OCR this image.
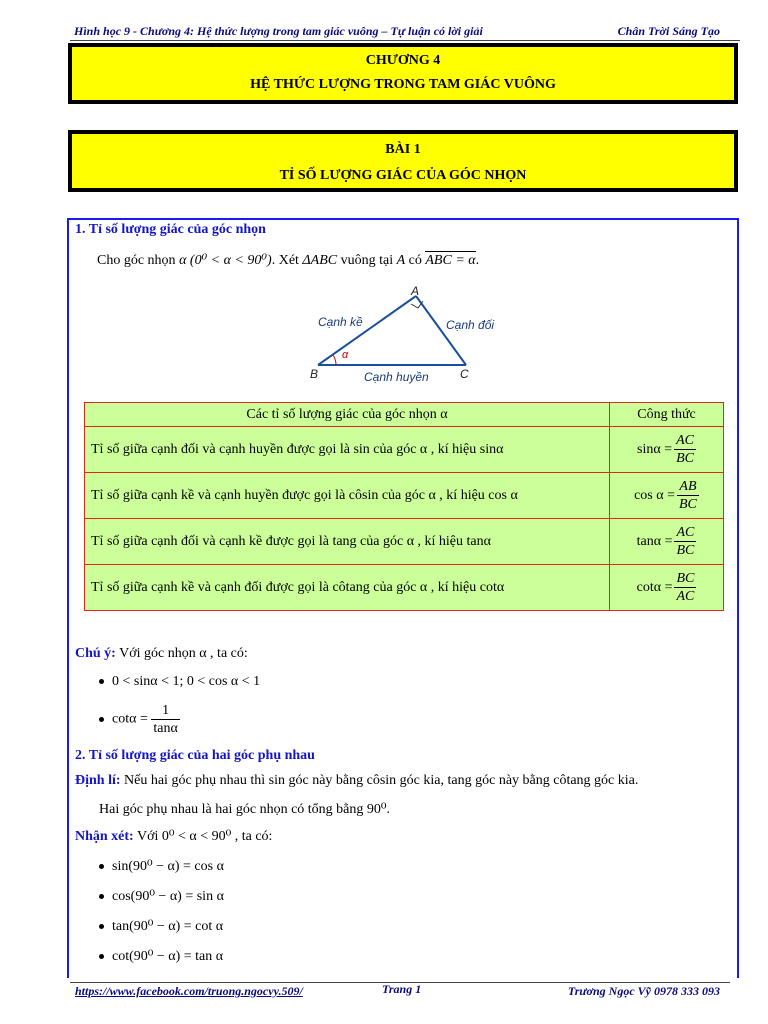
Hình học 9 - Chương 4: Hệ thức lượng trong tam giác vuông – Tự luận có lời giải	Chân Trời Sáng Tạo
CHƯƠNG 4
HỆ THỨC LƯỢNG TRONG TAM GIÁC VUÔNG
BÀI 1
TỈ SỐ LƯỢNG GIÁC CỦA GÓC NHỌN
1. Tỉ số lượng giác của góc nhọn
Cho góc nhọn α (0⁰ < α < 90⁰). Xét ΔABC vuông tại A có ABC = α.
A
B	C
α
Cạnh kề	Cạnh đối
Cạnh huyền
Các tỉ số lượng giác của góc nhọn α	Công thức
Tỉ số giữa cạnh đối và cạnh huyền được gọi là sin của góc α , kí hiệu sinα	$\sin\alpha = \frac{AC}{BC}$

Tỉ số giữa cạnh kề và cạnh huyền được gọi là côsin của góc α , kí hiệu cos α	$\cos \alpha = \frac{AB}{BC}$

Tỉ số giữa cạnh đối và cạnh kề được gọi là tang của góc α , kí hiệu tanα	$\tan\alpha = \frac{AC}{BC}$

Tỉ số giữa cạnh kề và cạnh đối được gọi là côtang của góc α , kí hiệu cotα	$\cot\alpha = \frac{BC}{AC}$
Chú ý: Với góc nhọn α , ta có:
0 < sinα < 1; 0 < cos α < 1
$\cot\alpha = \frac{1}{\tan\alpha}$
2. Tỉ số lượng giác của hai góc phụ nhau
Định lí: Nếu hai góc phụ nhau thì sin góc này bằng côsin góc kia, tang góc này bằng côtang góc kia.
Hai góc phụ nhau là hai góc nhọn có tổng bằng 90⁰.
Nhận xét: Với 0⁰ < α < 90⁰ , ta có:
sin(90⁰ − α) = cos α
cos(90⁰ − α) = sin α
tan(90⁰ − α) = cot α
cot(90⁰ − α) = tan α
https://www.facebook.com/truong.ngocvy.509/	Trang 1	Trương Ngọc Vỹ 0978 333 093
